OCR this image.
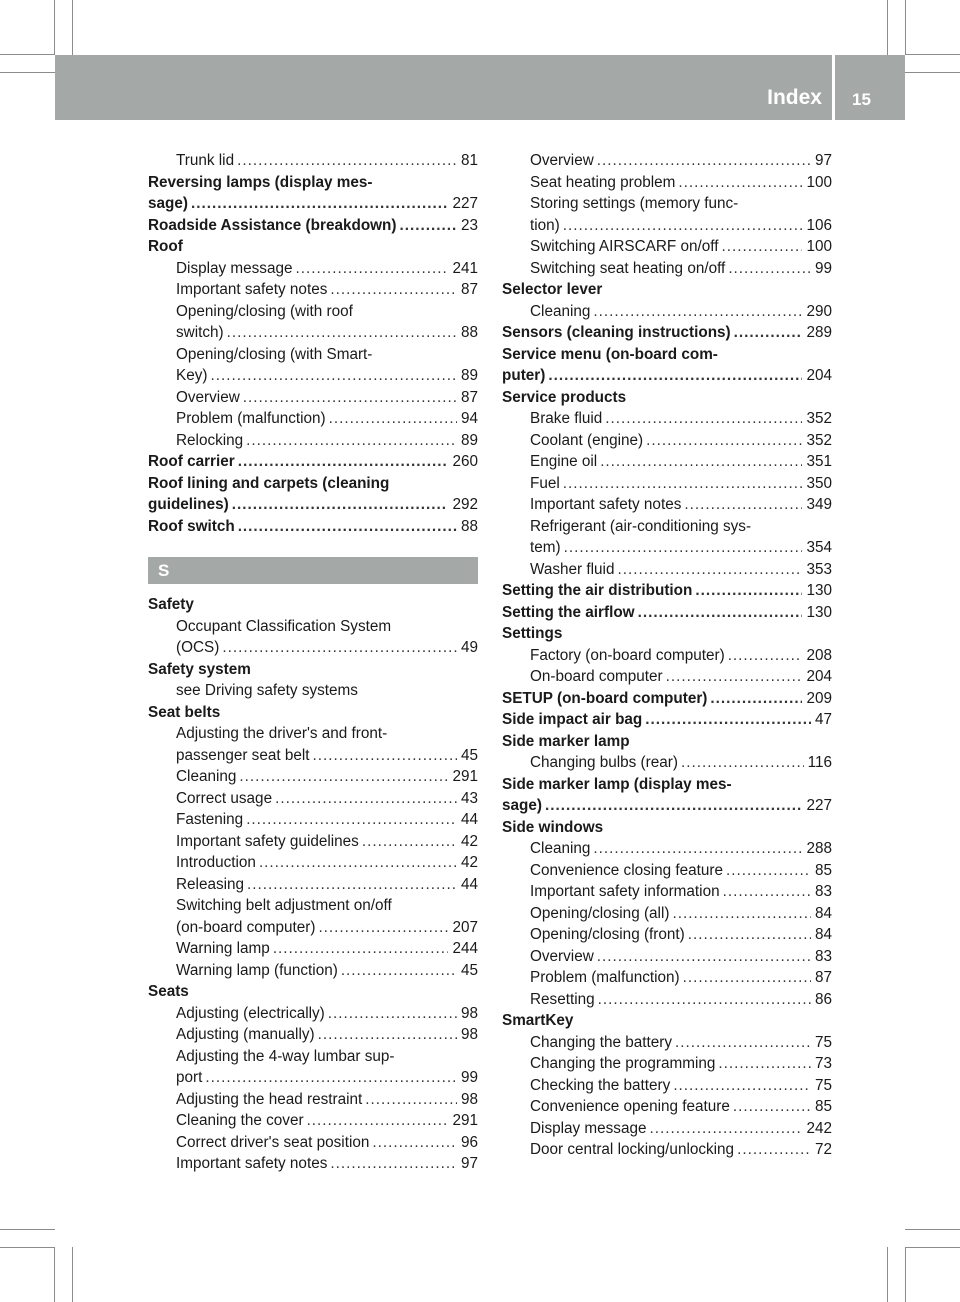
Index 15
Trunk lid .....	81
Reversing lamps (display mes-
sage) .....	227
Roadside Assistance (breakdown) .....	23
Roof
Display message .....	241
Important safety notes .....	87
Opening/closing (with roof
switch) .....	88
Opening/closing (with Smart-
Key) .....	89
Overview .....	87
Problem (malfunction) .....	94
Relocking .....	89
Roof carrier .....	260
Roof lining and carpets (cleaning
guidelines) .....	292
Roof switch .....	88
S
Safety
Occupant Classification System
(OCS) .....	49
Safety system
see Driving safety systems
Seat belts
Adjusting the driver's and front-
passenger seat belt .....	45
Cleaning .....	291
Correct usage .....	43
Fastening .....	44
Important safety guidelines .....	42
Introduction .....	42
Releasing .....	44
Switching belt adjustment on/off
(on-board computer) .....	207
Warning lamp .....	244
Warning lamp (function) .....	45
Seats
Adjusting (electrically) .....	98
Adjusting (manually) .....	98
Adjusting the 4-way lumbar sup-
port .....	99
Adjusting the head restraint .....	98
Cleaning the cover .....	291
Correct driver's seat position .....	96
Important safety notes .....	97
Overview .....	97
Seat heating problem .....	100
Storing settings (memory func-
tion) .....	106
Switching AIRSCARF on/off .....	100
Switching seat heating on/off .....	99
Selector lever
Cleaning .....	290
Sensors (cleaning instructions) .....	289
Service menu (on-board com-
puter) .....	204
Service products
Brake fluid .....	352
Coolant (engine) .....	352
Engine oil .....	351
Fuel .....	350
Important safety notes .....	349
Refrigerant (air-conditioning sys-
tem) .....	354
Washer fluid .....	353
Setting the air distribution .....	130
Setting the airflow .....	130
Settings
Factory (on-board computer) .....	208
On-board computer .....	204
SETUP (on-board computer) .....	209
Side impact air bag .....	47
Side marker lamp
Changing bulbs (rear) .....	116
Side marker lamp (display mes-
sage) .....	227
Side windows
Cleaning .....	288
Convenience closing feature .....	85
Important safety information .....	83
Opening/closing (all) .....	84
Opening/closing (front) .....	84
Overview .....	83
Problem (malfunction) .....	87
Resetting .....	86
SmartKey
Changing the battery .....	75
Changing the programming .....	73
Checking the battery .....	75
Convenience opening feature .....	85
Display message .....	242
Door central locking/unlocking .....	72
